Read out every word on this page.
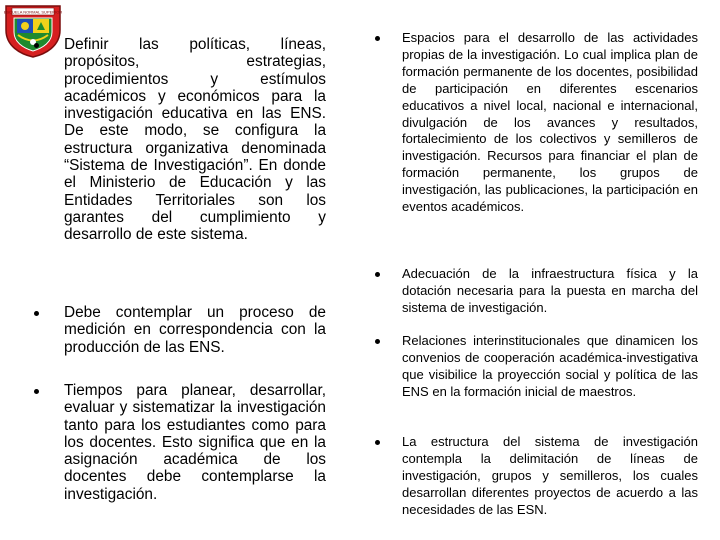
ESCUELA NORMAL SUPERIOR
Definir las políticas, líneas, propósitos, estrategias, procedimientos y estímulos académicos y económicos para la investigación educativa en las ENS. De este modo, se configura la estructura organizativa denominada “Sistema de Investigación”. En donde el Ministerio de Educación y las Entidades Territoriales son los garantes del cumplimiento y desarrollo de este sistema.
Debe contemplar un proceso de medición en correspondencia con la producción de las ENS.
Tiempos para planear, desarrollar, evaluar y sistematizar la investigación tanto para los estudiantes como para los docentes. Esto significa que en la asignación académica de los docentes debe contemplarse la investigación.
Espacios para el desarrollo de las actividades propias de la investigación. Lo cual implica plan de formación permanente de los docentes, posibilidad de participación en diferentes escenarios educativos a nivel local, nacional e internacional, divulgación de los avances y resultados, fortalecimiento de los colectivos y semilleros de investigación. Recursos para financiar el plan de formación permanente, los grupos de investigación, las publicaciones, la participación en eventos académicos.
Adecuación de la infraestructura física y la dotación necesaria para la puesta en marcha del sistema de investigación.
Relaciones interinstitucionales que dinamicen los convenios de cooperación académica-investigativa que visibilice la proyección social y política de las ENS en la formación inicial de maestros.
La estructura del sistema de investigación contempla la delimitación de líneas de investigación, grupos y semilleros, los cuales desarrollan diferentes proyectos de acuerdo a las necesidades de las ESN.
